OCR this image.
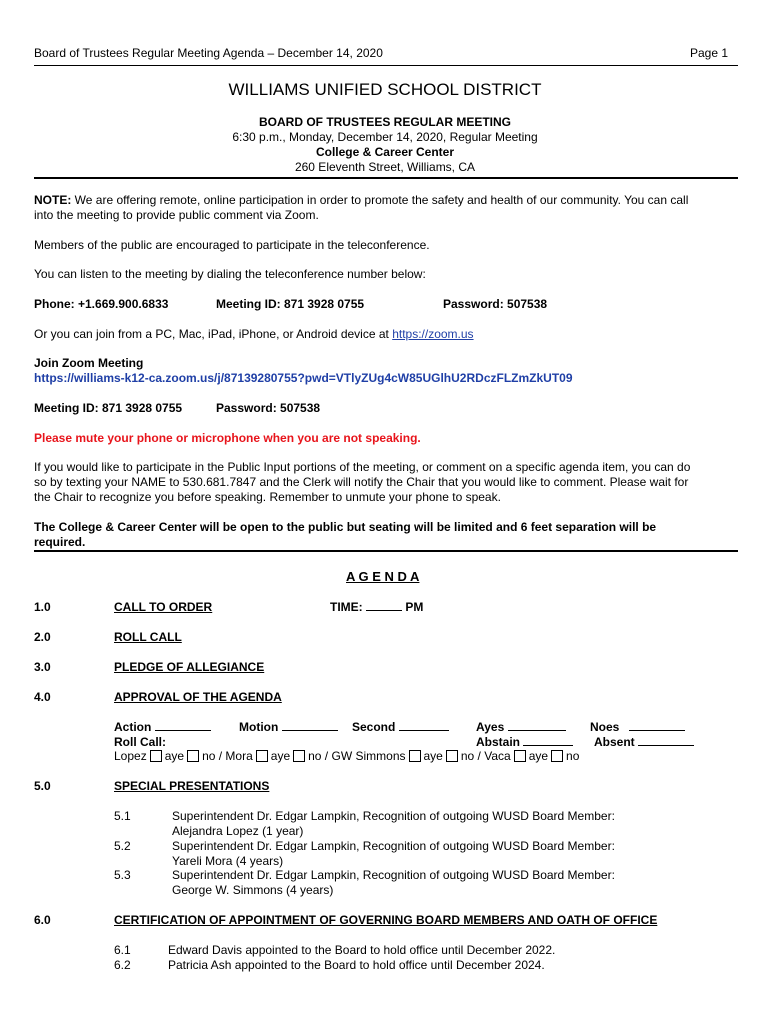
Board of Trustees Regular Meeting Agenda – December 14, 2020	Page 1
WILLIAMS UNIFIED SCHOOL DISTRICT
BOARD OF TRUSTEES REGULAR MEETING
6:30 p.m., Monday, December 14, 2020, Regular Meeting
College & Career Center
260 Eleventh Street, Williams, CA
NOTE: We are offering remote, online participation in order to promote the safety and health of our community. You can call
into the meeting to provide public comment via Zoom.
Members of the public are encouraged to participate in the teleconference.
You can listen to the meeting by dialing the teleconference number below:
Phone: +1.669.900.6833	Meeting ID: 871 3928 0755	Password: 507538
Or you can join from a PC, Mac, iPad, iPhone, or Android device at https://zoom.us
Join Zoom Meeting
https://williams-k12-ca.zoom.us/j/87139280755?pwd=VTlyZUg4cW85UGlhU2RDczFLZmZkUT09
Meeting ID: 871 3928 0755	Password: 507538
Please mute your phone or microphone when you are not speaking.
If you would like to participate in the Public Input portions of the meeting, or comment on a specific agenda item, you can do
so by texting your NAME to 530.681.7847 and the Clerk will notify the Chair that you would like to comment. Please wait for
the Chair to recognize you before speaking. Remember to unmute your phone to speak.
The College & Career Center will be open to the public but seating will be limited and 6 feet separation will be
required.
A G E N D A
1.0	CALL TO ORDER	TIME:	PM
2.0	ROLL CALL
3.0	PLEDGE OF ALLEGIANCE
4.0	APPROVAL OF THE AGENDA
Action	Motion	Second	Ayes	Noes
Roll Call:	Abstain	Absent
Lopez aye no / Mora aye no / GW Simmons aye no / Vaca aye no
5.0	SPECIAL PRESENTATIONS
5.1	Superintendent Dr. Edgar Lampkin, Recognition of outgoing WUSD Board Member:
Alejandra Lopez (1 year)
5.2	Superintendent Dr. Edgar Lampkin, Recognition of outgoing WUSD Board Member:
Yareli Mora (4 years)
5.3	Superintendent Dr. Edgar Lampkin, Recognition of outgoing WUSD Board Member:
George W. Simmons (4 years)
6.0	CERTIFICATION OF APPOINTMENT OF GOVERNING BOARD MEMBERS AND OATH OF OFFICE
6.1	Edward Davis appointed to the Board to hold office until December 2022.
6.2	Patricia Ash appointed to the Board to hold office until December 2024.
